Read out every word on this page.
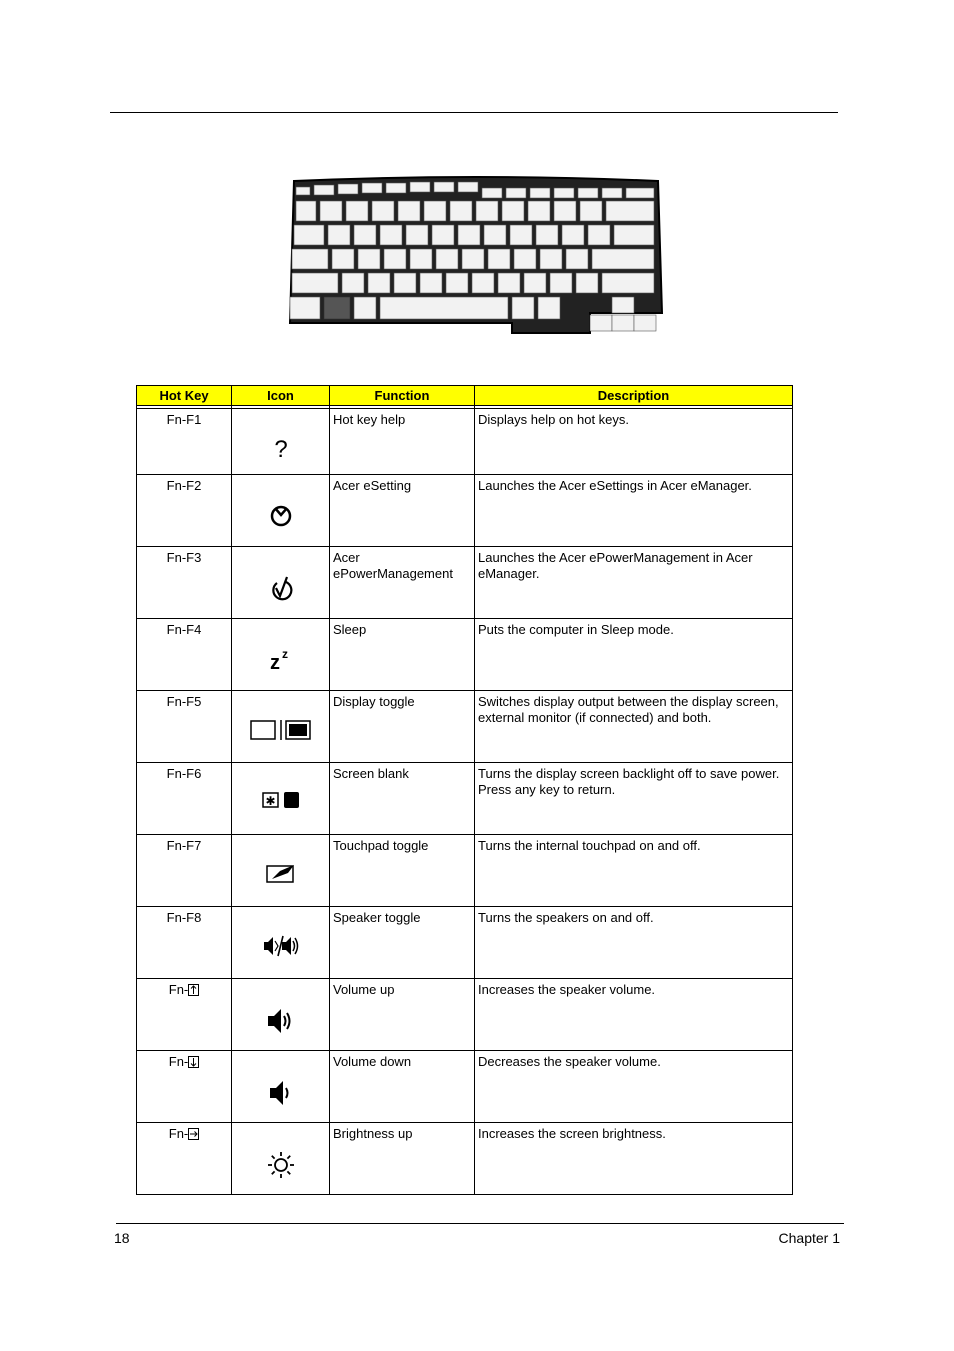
Hot Key	Icon	Function	Description

Fn-F1	?	Hot key help	Displays help on hot keys.
Fn-F2		Acer eSetting	Launches the Acer eSettings in Acer eManager.
Fn-F3		Acer ePowerManagement	Launches the Acer ePowerManagement in Acer eManager.
Fn-F4	z z	Sleep	Puts the computer in Sleep mode.
Fn-F5		Display toggle	Switches display output between the display screen, external monitor (if connected) and both.
Fn-F6	✱	Screen blank	Turns the display screen backlight off to save power. Press any key to return.
Fn-F7		Touchpad toggle	Turns the internal touchpad on and off.
Fn-F8		Speaker toggle	Turns the speakers on and off.
Fn-		Volume up	Increases the speaker volume.
Fn-		Volume down	Decreases the speaker volume.
Fn-		Brightness up	Increases the screen brightness.
18	Chapter 1
